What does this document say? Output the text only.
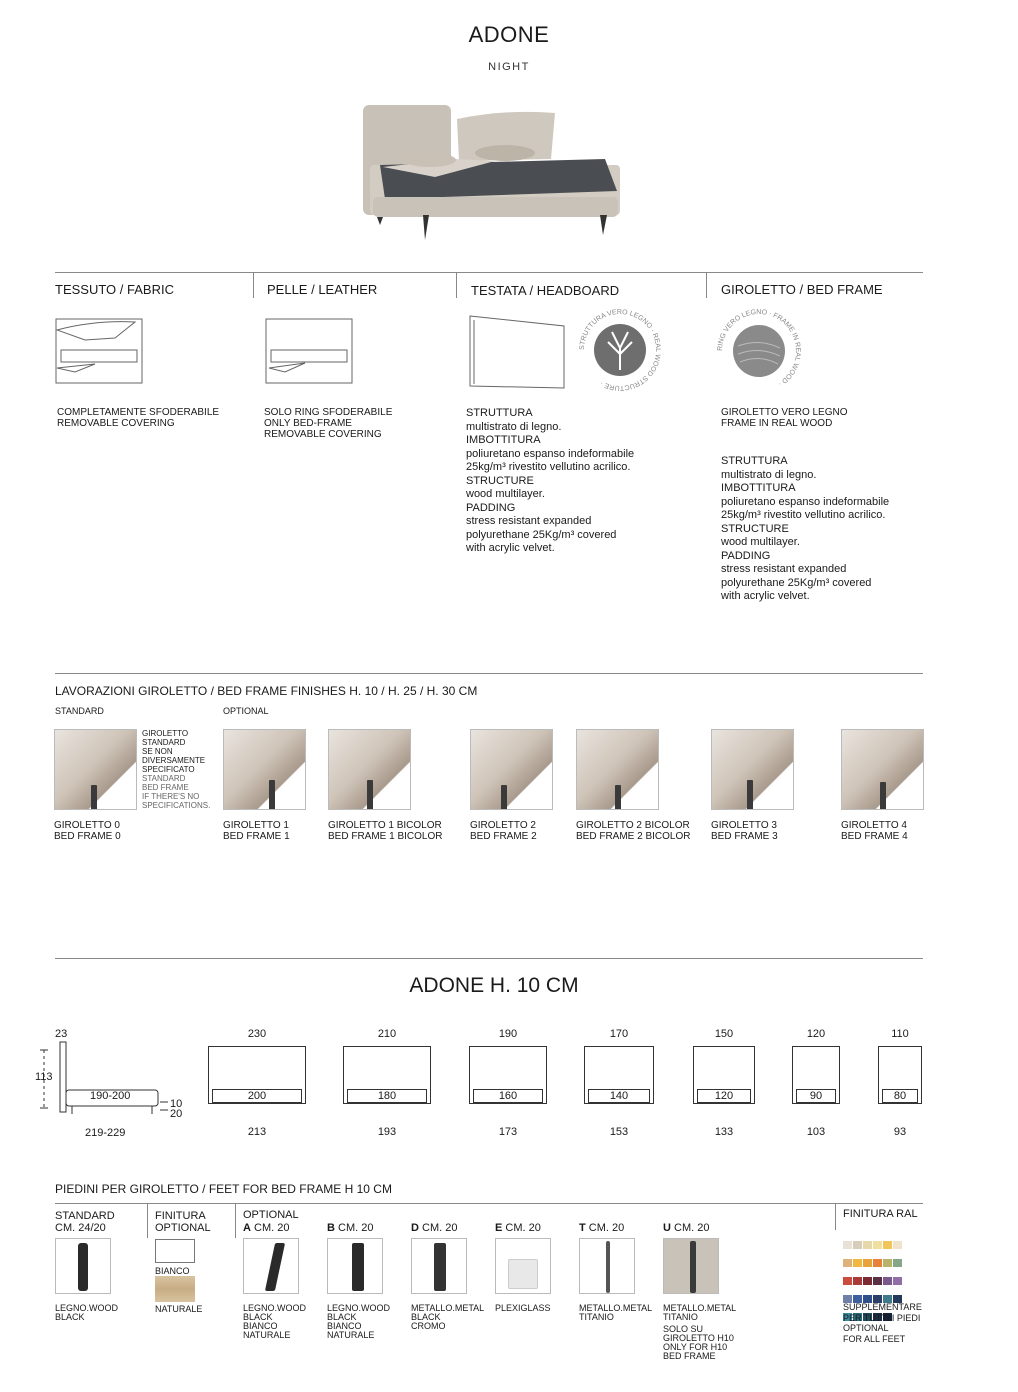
ADONE
NIGHT
TESSUTO / FABRIC
COMPLETAMENTE SFODERABILE
REMOVABLE COVERING
PELLE / LEATHER
SOLO RING SFODERABILE
ONLY BED-FRAME
REMOVABLE COVERING
TESTATA / HEADBOARD
STRUTTURA VERO LEGNO · REAL WOOD STRUCTURE ·
STRUTTURA
multistrato di legno.
IMBOTTITURA
poliuretano espanso indeformabile
25kg/m³ rivestito vellutino acrilico.
STRUCTURE
wood multilayer.
PADDING
stress resistant expanded
polyurethane 25Kg/m³ covered
with acrylic velvet.
GIROLETTO / BED FRAME
RING VERO LEGNO · FRAME IN REAL WOOD ·
GIROLETTO VERO LEGNO
FRAME IN REAL WOOD
STRUTTURA
multistrato di legno.
IMBOTTITURA
poliuretano espanso indeformabile
25kg/m³ rivestito vellutino acrilico.
STRUCTURE
wood multilayer.
PADDING
stress resistant expanded
polyurethane 25Kg/m³ covered
with acrylic velvet.
LAVORAZIONI GIROLETTO / BED FRAME FINISHES H. 10 / H. 25 / H. 30 CM
STANDARD	OPTIONAL
GIROLETTO
STANDARD
SE NON
DIVERSAMENTE
SPECIFICATO
STANDARD
BED FRAME
IF THERE'S NO
SPECIFICATIONS.
GIROLETTO 0
BED FRAME 0
GIROLETTO 1
BED FRAME 1
GIROLETTO 1 BICOLOR
BED FRAME 1 BICOLOR
GIROLETTO 2
BED FRAME 2
GIROLETTO 2 BICOLOR
BED FRAME 2 BICOLOR
GIROLETTO 3
BED FRAME 3
GIROLETTO 4
BED FRAME 4
ADONE H. 10 CM
23
113
190-200
10
20
219-229
230
200
213
210
180
193
190
160
173
170
140
153
150
120
133
120
90
103
110
80
93
PIEDINI PER GIROLETTO / FEET FOR BED FRAME H 10 CM
STANDARD
CM. 24/20
LEGNO.WOOD
BLACK
FINITURA
OPTIONAL
BIANCO
NATURALE
OPTIONAL
A CM. 20
LEGNO.WOOD
BLACK
BIANCO
NATURALE
B CM. 20
LEGNO.WOOD
BLACK
BIANCO
NATURALE
D CM. 20
METALLO.METAL
BLACK
CROMO
E CM. 20
PLEXIGLASS
T CM. 20
METALLO.METAL
TITANIO
U CM. 20
METALLO.METAL
TITANIO
SOLO SU GIROLETTO H10
ONLY FOR H10 BED FRAME
FINITURA RAL
SUPPLEMENTARE
PER TUTTI I PIEDI
OPTIONAL
FOR ALL FEET
